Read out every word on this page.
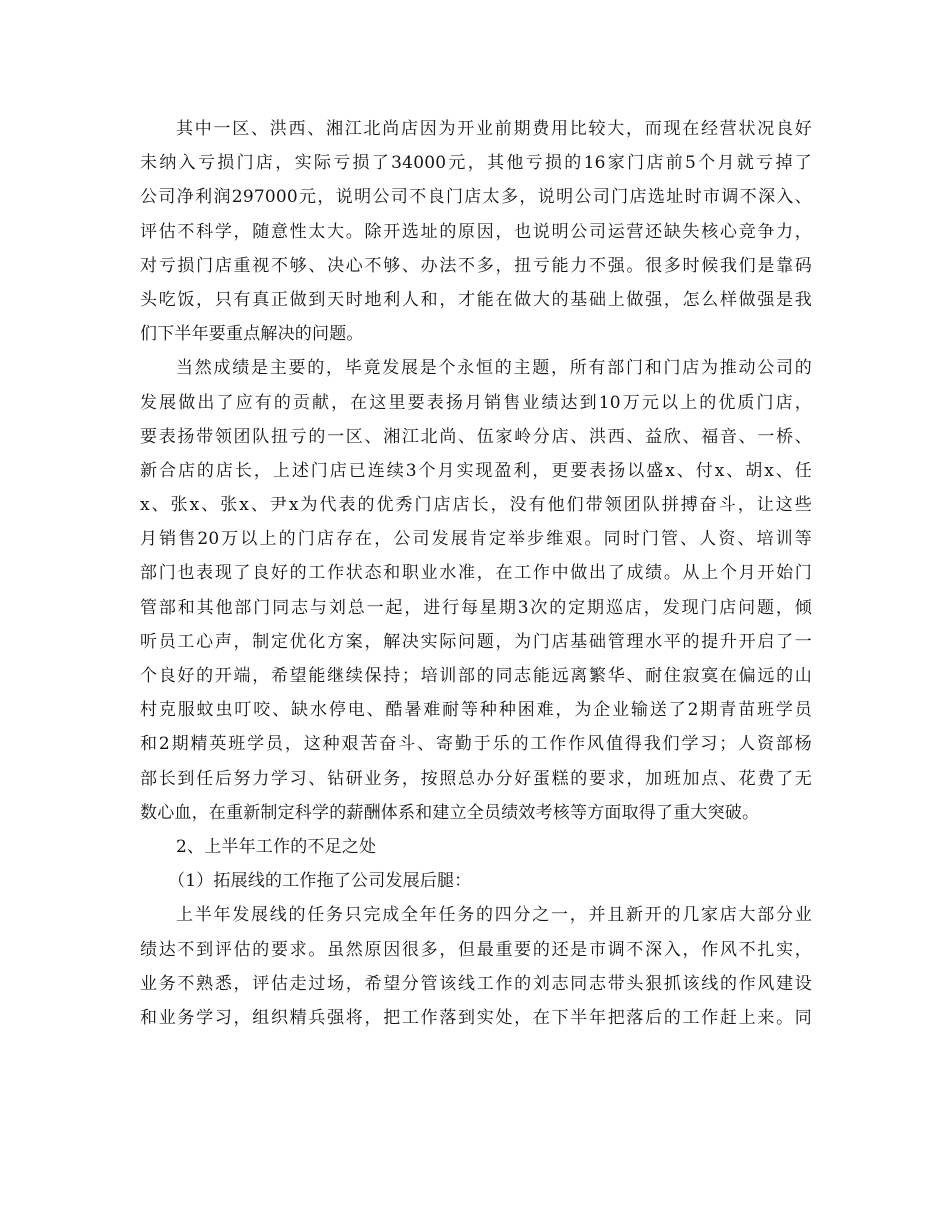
其中一区、洪西、湘江北尚店因为开业前期费用比较大，而现在经营状况良好
未纳入亏损门店，实际亏损了34000元，其他亏损的16家门店前5个月就亏掉了
公司净利润297000元，说明公司不良门店太多，说明公司门店选址时市调不深入、
评估不科学，随意性太大。除开选址的原因，也说明公司运营还缺失核心竞争力，
对亏损门店重视不够、决心不够、办法不多，扭亏能力不强。很多时候我们是靠码
头吃饭，只有真正做到天时地利人和，才能在做大的基础上做强，怎么样做强是我
们下半年要重点解决的问题。
当然成绩是主要的，毕竟发展是个永恒的主题，所有部门和门店为推动公司的
发展做出了应有的贡献，在这里要表扬月销售业绩达到10万元以上的优质门店，
要表扬带领团队扭亏的一区、湘江北尚、伍家岭分店、洪西、益欣、福音、一桥、
新合店的店长，上述门店已连续3个月实现盈利，更要表扬以盛x、付x、胡x、任
x、张x、张x、尹x为代表的优秀门店店长，没有他们带领团队拼搏奋斗，让这些
月销售20万以上的门店存在，公司发展肯定举步维艰。同时门管、人资、培训等
部门也表现了良好的工作状态和职业水准，在工作中做出了成绩。从上个月开始门
管部和其他部门同志与刘总一起，进行每星期3次的定期巡店，发现门店问题，倾
听员工心声，制定优化方案，解决实际问题，为门店基础管理水平的提升开启了一
个良好的开端，希望能继续保持；培训部的同志能远离繁华、耐住寂寞在偏远的山
村克服蚊虫叮咬、缺水停电、酷暑难耐等种种困难，为企业输送了2期青苗班学员
和2期精英班学员，这种艰苦奋斗、寄勤于乐的工作作风值得我们学习；人资部杨
部长到任后努力学习、钻研业务，按照总办分好蛋糕的要求，加班加点、花费了无
数心血，在重新制定科学的薪酬体系和建立全员绩效考核等方面取得了重大突破。
2、上半年工作的不足之处
（1）拓展线的工作拖了公司发展后腿：
上半年发展线的任务只完成全年任务的四分之一，并且新开的几家店大部分业
绩达不到评估的要求。虽然原因很多，但最重要的还是市调不深入，作风不扎实，
业务不熟悉，评估走过场，希望分管该线工作的刘志同志带头狠抓该线的作风建设
和业务学习，组织精兵强将，把工作落到实处，在下半年把落后的工作赶上来。同
